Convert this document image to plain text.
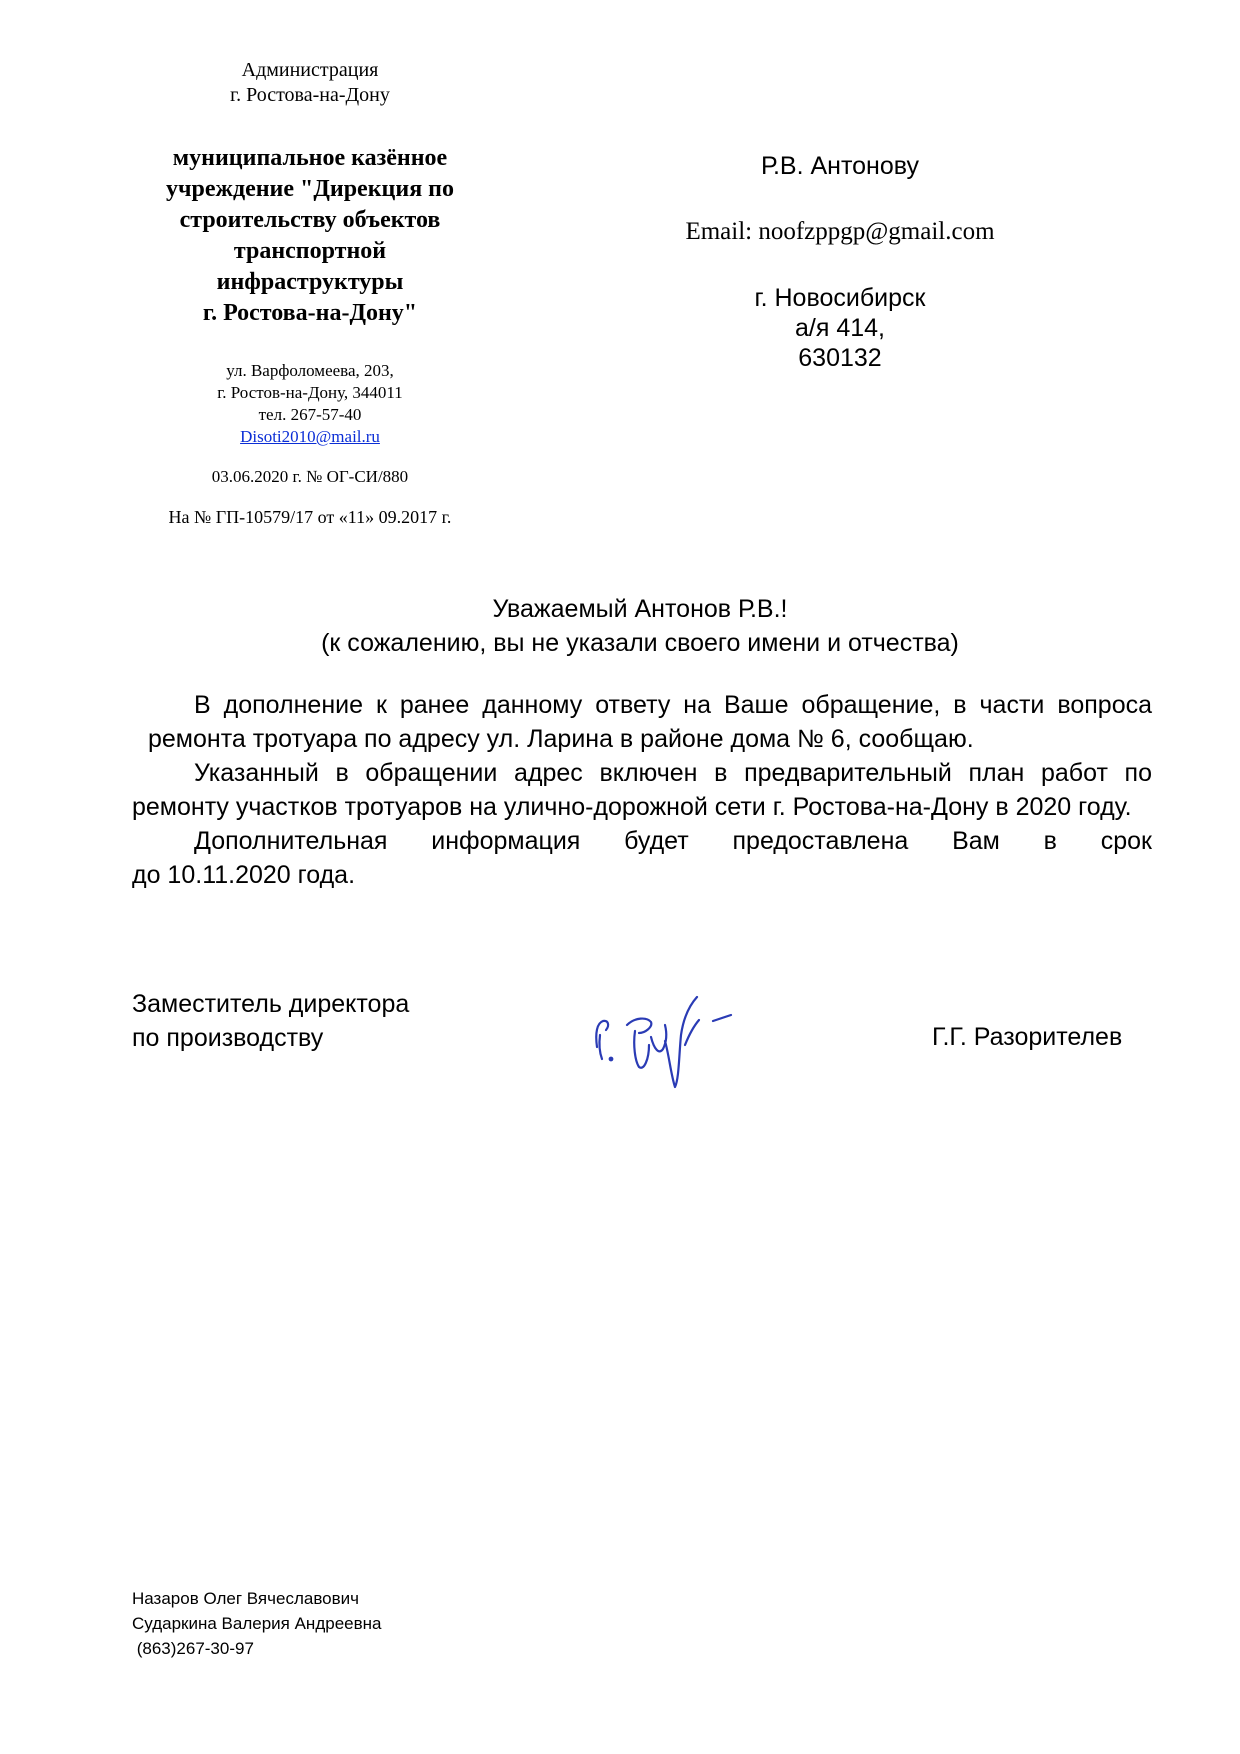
Администрация
г. Ростова-на-Дону
муниципальное казённое
учреждение "Дирекция по
строительству объектов
транспортной
инфраструктуры
г. Ростова-на-Дону"
ул. Варфоломеева, 203,
г. Ростов-на-Дону, 344011
тел. 267-57-40
Disoti2010@mail.ru
03.06.2020 г. № ОГ-СИ/880
На № ГП-10579/17 от «11» 09.2017 г.
Р.В. Антонову
Email: noofzppgp@gmail.com
г. Новосибирск
а/я 414,
630132
Уважаемый Антонов Р.В.!
(к сожалению, вы не указали своего имени и отчества)
В дополнение к ранее данному ответу на Ваше обращение, в части вопроса
ремонта тротуара по адресу ул. Ларина в районе дома № 6, сообщаю.

Указанный в обращении адрес включен в предварительный план работ по ремонту участков тротуаров на улично-дорожной сети г. Ростова-на-Дону в 2020 году.

Дополнительная информация будет предоставлена Вам в срок
до 10.11.2020 года.
Заместитель директора
по производству	Г.Г. Разорителев
Назаров Олег Вячеславович
Сударкина Валерия Андреевна
(863)267-30-97
